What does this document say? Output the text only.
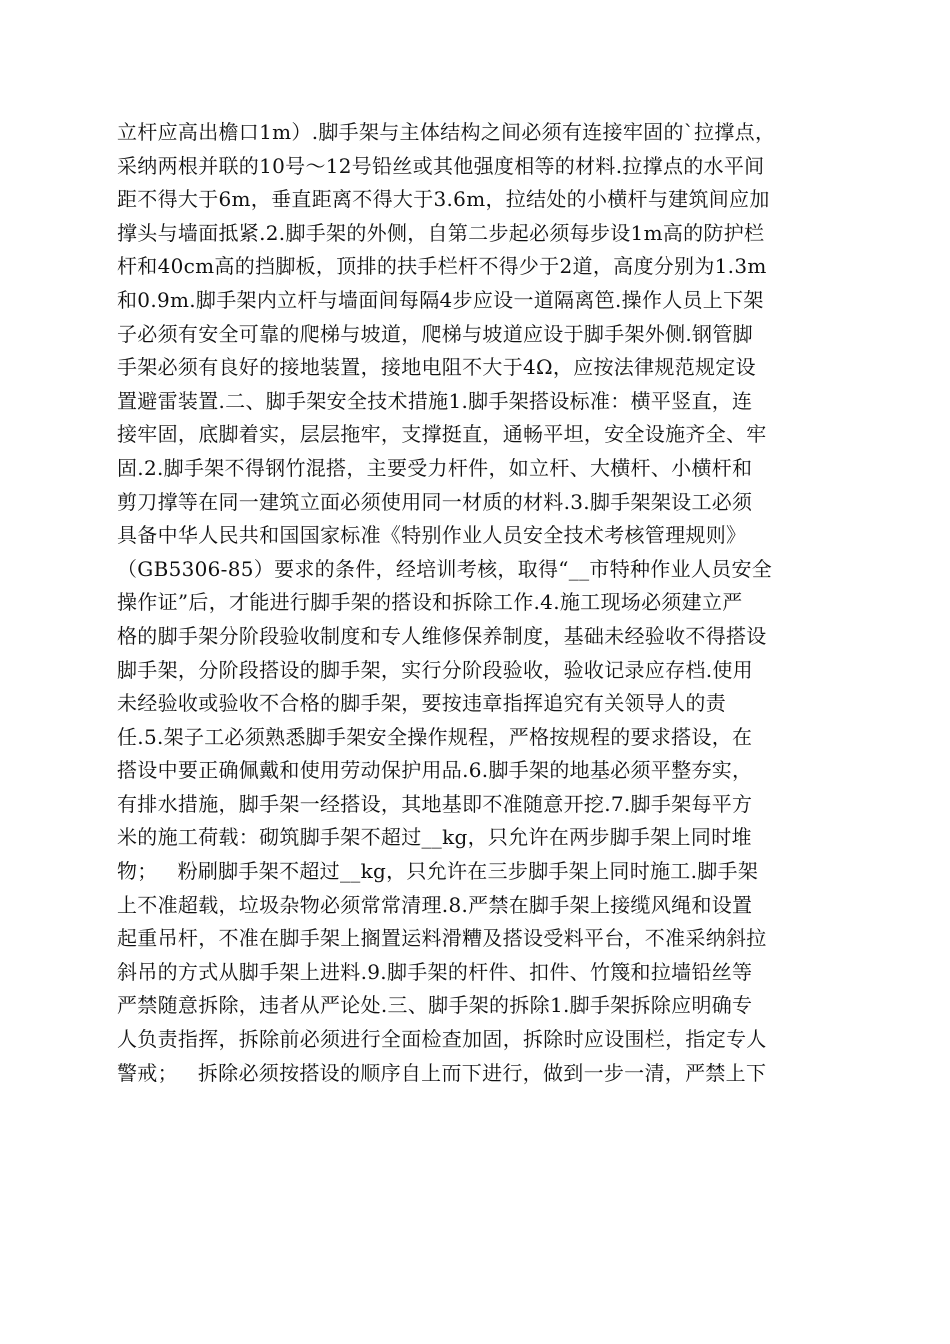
立杆应高出檐口1m）.脚手架与主体结构之间必须有连接牢固的`拉撑点，
采纳两根并联的10号～12号铅丝或其他强度相等的材料.拉撑点的水平间
距不得大于6m，垂直距离不得大于3.6m，拉结处的小横杆与建筑间应加
撑头与墙面抵紧.2.脚手架的外侧，自第二步起必须每步设1m高的防护栏
杆和40cm高的挡脚板，顶排的扶手栏杆不得少于2道，高度分别为1.3m
和0.9m.脚手架内立杆与墙面间每隔4步应设一道隔离笆.操作人员上下架
子必须有安全可靠的爬梯与坡道，爬梯与坡道应设于脚手架外侧.钢管脚
手架必须有良好的接地装置，接地电阻不大于4Ω，应按法律规范规定设
置避雷装置.二、脚手架安全技术措施1.脚手架搭设标准：横平竖直，连
接牢固，底脚着实，层层拖牢，支撑挺直，通畅平坦，安全设施齐全、牢
固.2.脚手架不得钢竹混搭，主要受力杆件，如立杆、大横杆、小横杆和
剪刀撑等在同一建筑立面必须使用同一材质的材料.3.脚手架架设工必须
具备中华人民共和国国家标准《特别作业人员安全技术考核管理规则》
（GB5306-85）要求的条件，经培训考核，取得“__市特种作业人员安全
操作证”后，才能进行脚手架的搭设和拆除工作.4.施工现场必须建立严
格的脚手架分阶段验收制度和专人维修保养制度，基础未经验收不得搭设
脚手架，分阶段搭设的脚手架，实行分阶段验收，验收记录应存档.使用
未经验收或验收不合格的脚手架，要按违章指挥追究有关领导人的责
任.5.架子工必须熟悉脚手架安全操作规程，严格按规程的要求搭设，在
搭设中要正确佩戴和使用劳动保护用品.6.脚手架的地基必须平整夯实，
有排水措施，脚手架一经搭设，其地基即不准随意开挖.7.脚手架每平方
米的施工荷载：砌筑脚手架不超过__kg，只允许在两步脚手架上同时堆
物；   粉刷脚手架不超过__kg，只允许在三步脚手架上同时施工.脚手架
上不准超载，垃圾杂物必须常常清理.8.严禁在脚手架上接缆风绳和设置
起重吊杆，不准在脚手架上搁置运料滑糟及搭设受料平台，不准采纳斜拉
斜吊的方式从脚手架上进料.9.脚手架的杆件、扣件、竹篾和拉墙铅丝等
严禁随意拆除，违者从严论处.三、脚手架的拆除1.脚手架拆除应明确专
人负责指挥，拆除前必须进行全面检查加固，拆除时应设围栏，指定专人
警戒；   拆除必须按搭设的顺序自上而下进行，做到一步一清，严禁上下
